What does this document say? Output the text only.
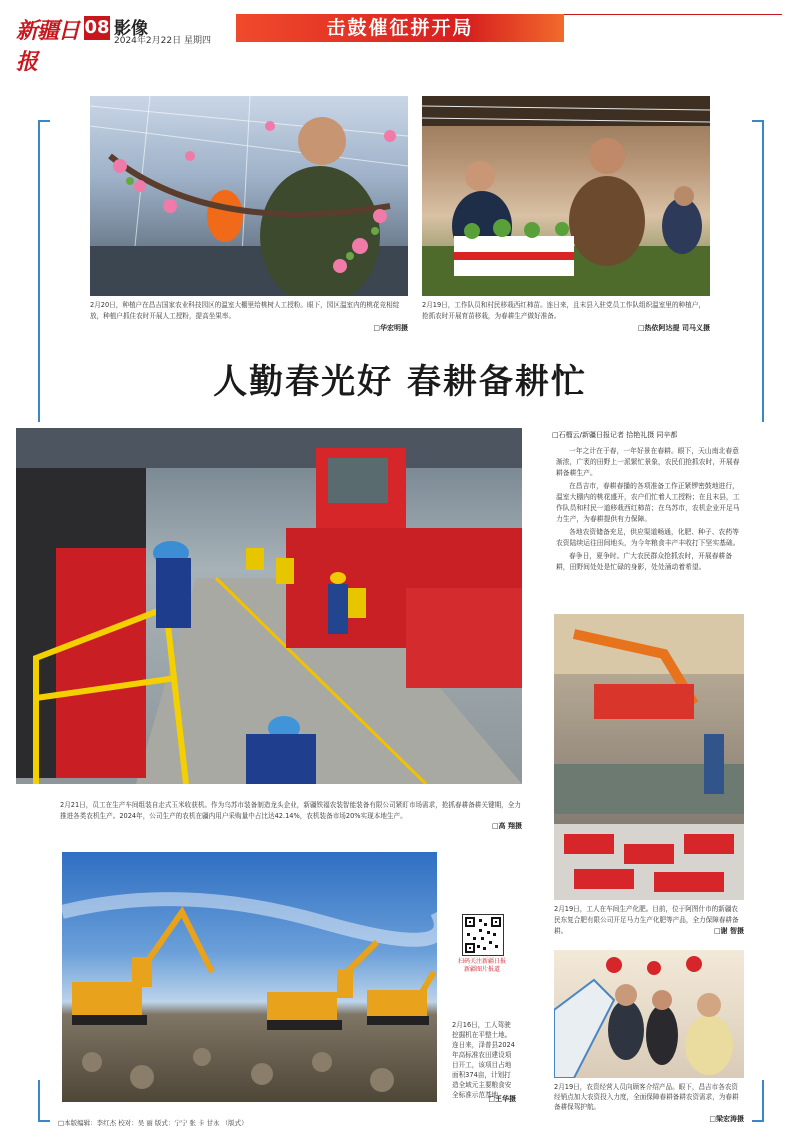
新疆日报
08 影像
2024年2月22日 星期四
击鼓催征拼开局
2月20日，种植户在昌吉国家农业科技园区的温室大棚里给桃树人工授粉。眼下，园区温室内的桃花竞相绽放，种植户抓住农时开展人工授粉，提高坐果率。
□华宏明摄
2月19日，工作队员和村民移栽西红柿苗。连日来，且末县入驻党员工作队组织温室里的种植户，抢抓农时开展育苗移栽，为春耕生产做好准备。
□热依阿达提 司马义摄
人勤春光好 春耕备耕忙
2月21日，员工在生产车间组装自走式玉米收获机。作为乌苏市装备制造龙头企业，新疆铁福农装智能装备有限公司紧盯市场需求，抢抓春耕备耕关键期，全力推进各类农机生产。2024年，公司生产的农机在疆内用户采购量中占比达42.14%，农机装备市场20%实现本地生产。
□高 翔摄
□石榴云/新疆日报记者 拾艳礼摄 同辛都

一年之计在于春，一年好景在春耕。眼下，天山南北春意渐浓，广袤的田野上一派繁忙景象，农民们抢抓农时，开展春耕备耕生产。

在昌吉市，春耕春播的各项准备工作正紧锣密鼓地进行，温室大棚内的桃花盛开，农户们忙着人工授粉；在且末县，工作队员和村民一道移栽西红柿苗；在乌苏市，农机企业开足马力生产，为春耕提供有力保障。

各地农资储备充足，供应渠道畅通，化肥、种子、农药等农资陆续运往田间地头，为今年粮食丰产丰收打下坚实基础。

春争日，夏争时。广大农民群众抢抓农时，开展春耕备耕，田野间处处是忙碌的身影，处处涌动着希望。

2月19日，工人在车间生产化肥。目前，位于阿图什市的新疆农民东复合肥有限公司开足马力生产化肥等产品，全力保障春耕备耕。	□谢 智摄
2月16日，工人驾驶挖掘机在平整土地。连日来，泽普县2024年高标准农田建设项目开工，该项目占地面积374亩，计划打造全域元主要粮食安全标准示范基地。
□王华摄
扫码关注新疆日报 新疆图片报道
2月19日，农资经营人员向顾客介绍产品。眼下，昌吉市各农资经销点加大农资投入力度，全面保障春耕备耕农资需求，为春耕备耕保驾护航。
□梁宏涛摄
□本版编辑：李红杰 校对：吴 丽 版式：宁宁 张 卡 甘永 （版式）
